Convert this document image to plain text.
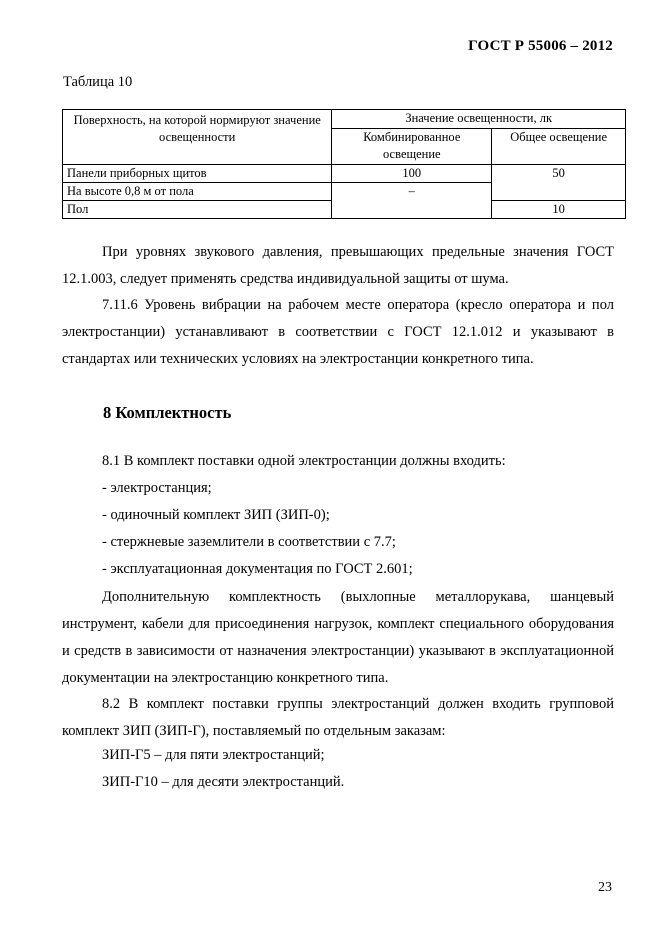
ГОСТ Р 55006 – 2012
Таблица 10
Поверхность, на которой нормируют значение освещенности	Значение освещенности, лк	
	Комбинированное освещение	Общее освещение
Панели приборных щитов	100	50
На высоте 0,8 м от пола	–	
Пол		10
При уровнях звукового давления, превышающих предельные значения ГОСТ 12.1.003, следует применять средства индивидуальной защиты от шума.
7.11.6 Уровень вибрации на рабочем месте оператора (кресло оператора и пол электростанции) устанавливают в соответствии с ГОСТ 12.1.012 и указывают в стандартах или технических условиях на электростанции конкретного типа.
8 Комплектность
8.1 В комплект поставки одной электростанции должны входить:
- электростанция;
- одиночный комплект ЗИП (ЗИП-0);
- стержневые заземлители в соответствии с 7.7;
- эксплуатационная документация по ГОСТ 2.601;
Дополнительную комплектность (выхлопные металлорукава, шанцевый инструмент, кабели для присоединения нагрузок, комплект специального оборудования и средств в зависимости от назначения электростанции) указывают в эксплуатационной документации на электростанцию конкретного типа.
8.2 В комплект поставки группы электростанций должен входить групповой комплект ЗИП (ЗИП-Г), поставляемый по отдельным заказам:
ЗИП-Г5 – для пяти электростанций;
ЗИП-Г10 – для десяти электростанций.
23
